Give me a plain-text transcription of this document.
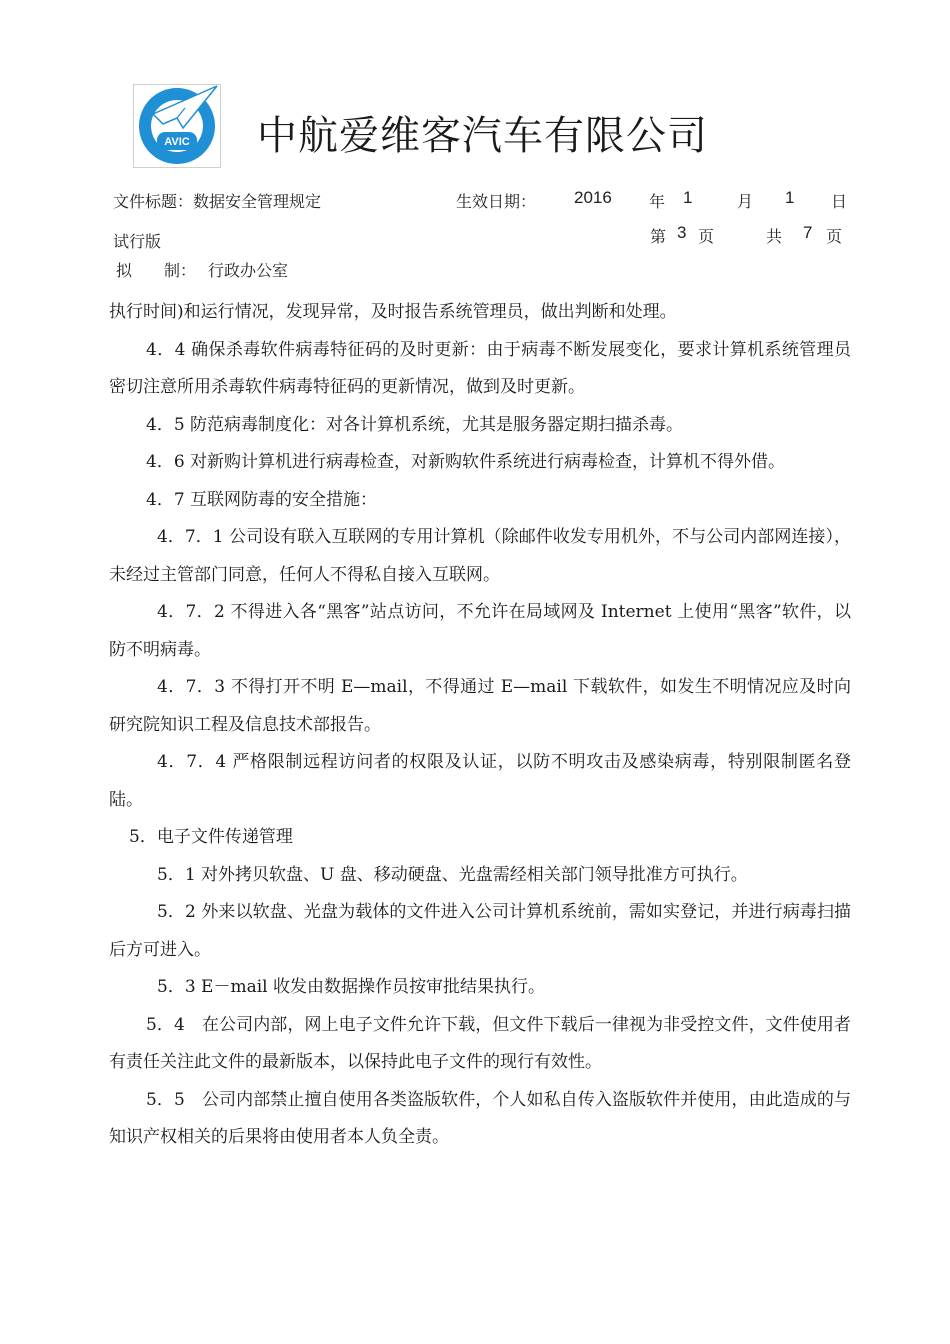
AVIC 中航爱维客汽车有限公司
文件标题：数据安全管理规定	生效日期： 2016 年 1	月 1 日
试行版	第 3 页	共 7 页
拟　　制： 行政办公室

执行时间)和运行情况，发现异常，及时报告系统管理员，做出判断和处理。

4．4 确保杀毒软件病毒特征码的及时更新：由于病毒不断发展变化，要求计算机系统管理员密切注意所用杀毒软件病毒特征码的更新情况，做到及时更新。

4．5 防范病毒制度化：对各计算机系统，尤其是服务器定期扫描杀毒。

4．6 对新购计算机进行病毒检查，对新购软件系统进行病毒检查，计算机不得外借。

4．7 互联网防毒的安全措施：

4．7．1 公司设有联入互联网的专用计算机（除邮件收发专用机外，不与公司内部网连接），未经过主管部门同意，任何人不得私自接入互联网。

4．7．2 不得进入各“黑客”站点访问，不允许在局域网及 Internet 上使用“黑客”软件，以防不明病毒。

4．7．3 不得打开不明 E—mail，不得通过 E—mail 下载软件，如发生不明情况应及时向研究院知识工程及信息技术部报告。

4．7．4 严格限制远程访问者的权限及认证，以防不明攻击及感染病毒，特别限制匿名登陆。

5．电子文件传递管理

5．1 对外拷贝软盘、U 盘、移动硬盘、光盘需经相关部门领导批准方可执行。

5．2 外来以软盘、光盘为载体的文件进入公司计算机系统前，需如实登记，并进行病毒扫描后方可进入。

5．3 E－mail 收发由数据操作员按审批结果执行。

5．4　在公司内部，网上电子文件允许下载，但文件下载后一律视为非受控文件，文件使用者有责任关注此文件的最新版本，以保持此电子文件的现行有效性。

5．5　公司内部禁止擅自使用各类盗版软件，个人如私自传入盗版软件并使用，由此造成的与知识产权相关的后果将由使用者本人负全责。
